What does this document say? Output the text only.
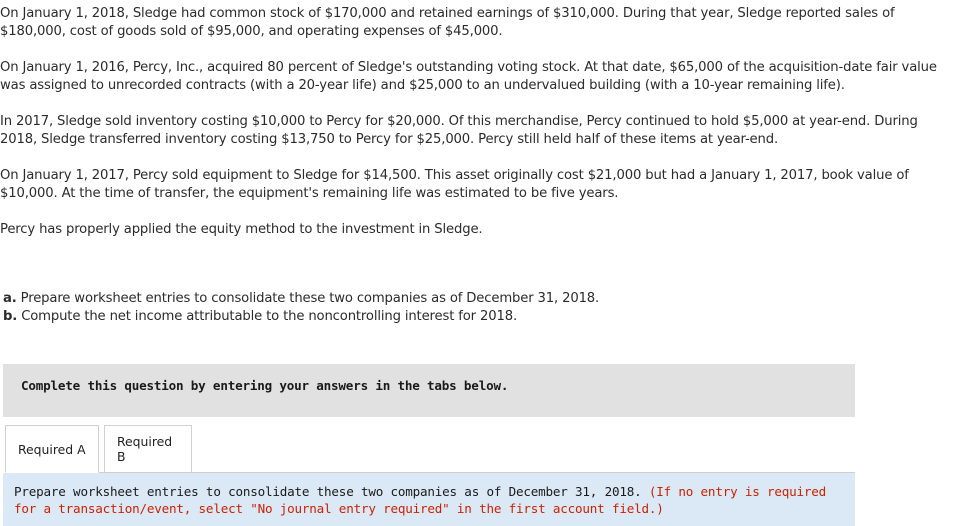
On January 1, 2018, Sledge had common stock of $170,000 and retained earnings of $310,000. During that year, Sledge reported sales of $180,000, cost of goods sold of $95,000, and operating expenses of $45,000.

On January 1, 2016, Percy, Inc., acquired 80 percent of Sledge's outstanding voting stock. At that date, $65,000 of the acquisition-date fair value was assigned to unrecorded contracts (with a 20-year life) and $25,000 to an undervalued building (with a 10-year remaining life).

In 2017, Sledge sold inventory costing $10,000 to Percy for $20,000. Of this merchandise, Percy continued to hold $5,000 at year-end. During 2018, Sledge transferred inventory costing $13,750 to Percy for $25,000. Percy still held half of these items at year-end.

On January 1, 2017, Percy sold equipment to Sledge for $14,500. This asset originally cost $21,000 but had a January 1, 2017, book value of $10,000. At the time of transfer, the equipment's remaining life was estimated to be five years.

Percy has properly applied the equity method to the investment in Sledge.

a. Prepare worksheet entries to consolidate these two companies as of December 31, 2018.
b. Compute the net income attributable to the noncontrolling interest for 2018.
Complete this question by entering your answers in the tabs below.
Required A	Required B
Prepare worksheet entries to consolidate these two companies as of December 31, 2018. (If no entry is required for a transaction/event, select "No journal entry required" in the first account field.)
